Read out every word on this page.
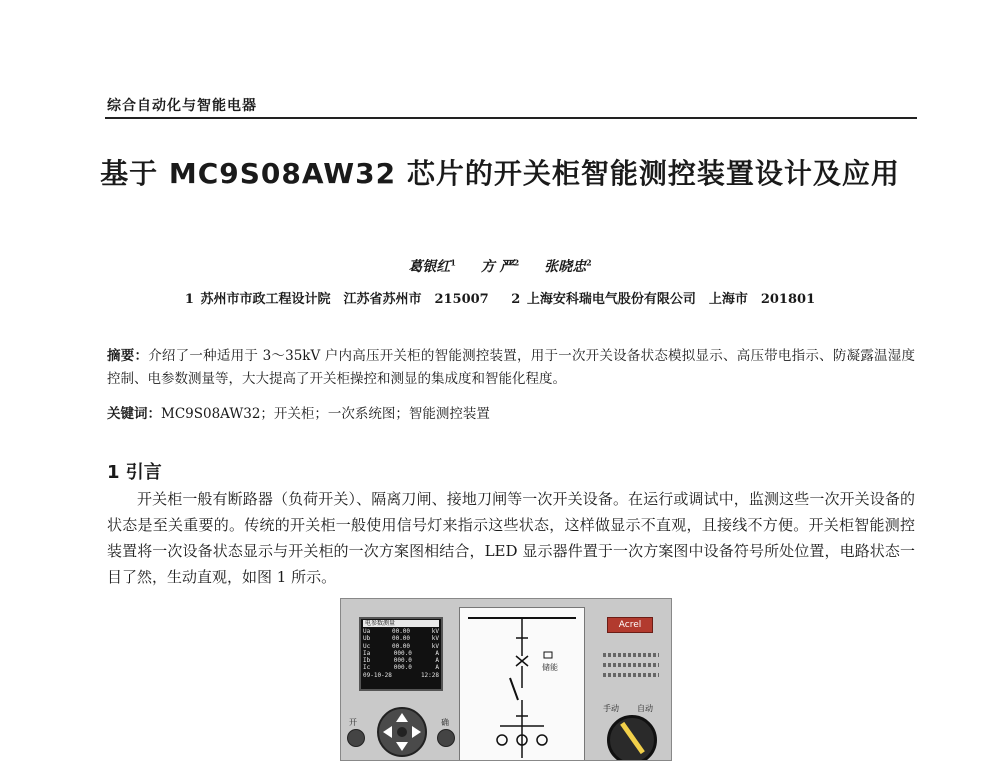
综合自动化与智能电器
基于 MC9S08AW32 芯片的开关柜智能测控装置设计及应用
葛银红$^1$ 方 严$^2$ 张晓忠$^2$
1 苏州市市政工程设计院　江苏省苏州市　215007 2 上海安科瑞电气股份有限公司　上海市　201801
摘要：介绍了一种适用于 3～35kV 户内高压开关柜的智能测控装置，用于一次开关设备状态模拟显示、高压带电指示、防凝露温湿度控制、电参数测量等，大大提高了开关柜操控和测显的集成度和智能化程度。
关键词：MC9S08AW32；开关柜；一次系统图；智能测控装置
1 引言
开关柜一般有断路器（负荷开关）、隔离刀闸、接地刀闸等一次开关设备。在运行或调试中，监测这些一次开关设备的状态是至关重要的。传统的开关柜一般使用信号灯来指示这些状态，这样做显示不直观，且接线不方便。开关柜智能测控装置将一次设备状态显示与开关柜的一次方案图相结合，LED 显示器件置于一次方案图中设备符号所处位置，电路状态一目了然，生动直观，如图 1 所示。
电参数测量
Ua	00.00	kV
Ub	00.00	kV
Uc	00.00	kV
Ia	000.0	A
Ib	000.0	A
Ic	000.0	A
09-10-28	12:28
开	确
储能
Acrel
手动 自动
